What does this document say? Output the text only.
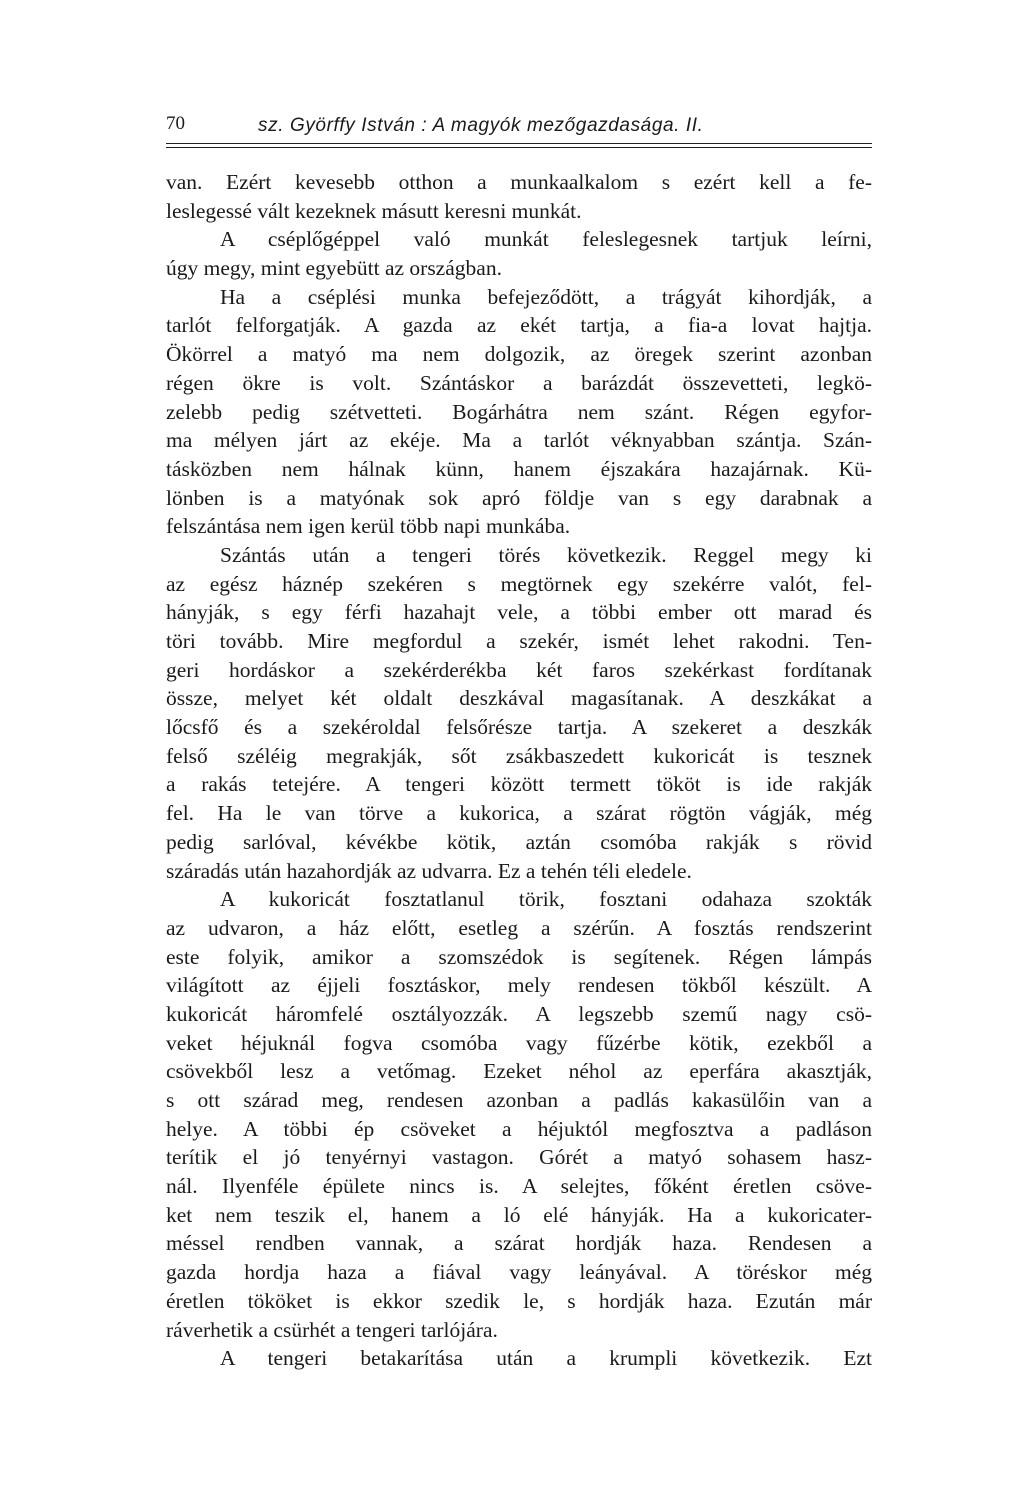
70	sz. Györffy István : A magyók mezőgazdasága. II.
van. Ezért kevesebb otthon a munkaalkalom s ezért kell a fe-
leslegessé vált kezeknek másutt keresni munkát.
A cséplőgéppel való munkát feleslegesnek tartjuk leírni,
úgy megy, mint egyebütt az országban.
Ha a cséplési munka befejeződött, a trágyát kihordják, a
tarlót felforgatják. A gazda az ekét tartja, a fia-a lovat hajtja.
Ökörrel a matyó ma nem dolgozik, az öregek szerint azonban
régen ökre is volt. Szántáskor a barázdát összevetteti, legkö-
zelebb pedig szétvetteti. Bogárhátra nem szánt. Régen egyfor-
ma mélyen járt az ekéje. Ma a tarlót véknyabban szántja. Szán-
tásközben nem hálnak künn, hanem éjszakára hazajárnak. Kü-
lönben is a matyónak sok apró földje van s egy darabnak a
felszántása nem igen kerül több napi munkába.
Szántás után a tengeri törés következik. Reggel megy ki
az egész háznép szekéren s megtörnek egy szekérre valót, fel-
hányják, s egy férfi hazahajt vele, a többi ember ott marad és
töri tovább. Mire megfordul a szekér, ismét lehet rakodni. Ten-
geri hordáskor a szekérderékba két faros szekérkast fordítanak
össze, melyet két oldalt deszkával magasítanak. A deszkákat a
lőcsfő és a szekéroldal felsőrésze tartja. A szekeret a deszkák
felső széléig megrakják, sőt zsákbaszedett kukoricát is tesznek
a rakás tetejére. A tengeri között termett tököt is ide rakják
fel. Ha le van törve a kukorica, a szárat rögtön vágják, még
pedig sarlóval, kévékbe kötik, aztán csomóba rakják s rövid
száradás után hazahordják az udvarra. Ez a tehén téli eledele.
A kukoricát fosztatlanul törik, fosztani odahaza szokták
az udvaron, a ház előtt, esetleg a szérűn. A fosztás rendszerint
este folyik, amikor a szomszédok is segítenek. Régen lámpás
világított az éjjeli fosztáskor, mely rendesen tökből készült. A
kukoricát háromfelé osztályozzák. A legszebb szemű nagy csö-
veket héjuknál fogva csomóba vagy fűzérbe kötik, ezekből a
csövekből lesz a vetőmag. Ezeket néhol az eperfára akasztják,
s ott szárad meg, rendesen azonban a padlás kakasülőin van a
helye. A többi ép csöveket a héjuktól megfosztva a padláson
terítik el jó tenyérnyi vastagon. Górét a matyó sohasem hasz-
nál. Ilyenféle épülete nincs is. A selejtes, főként éretlen csöve-
ket nem teszik el, hanem a ló elé hányják. Ha a kukoricater-
méssel rendben vannak, a szárat hordják haza. Rendesen a
gazda hordja haza a fiával vagy leányával. A töréskor még
éretlen tököket is ekkor szedik le, s hordják haza. Ezután már
ráverhetik a csürhét a tengeri tarlójára.
A tengeri betakarítása után a krumpli következik. Ezt
